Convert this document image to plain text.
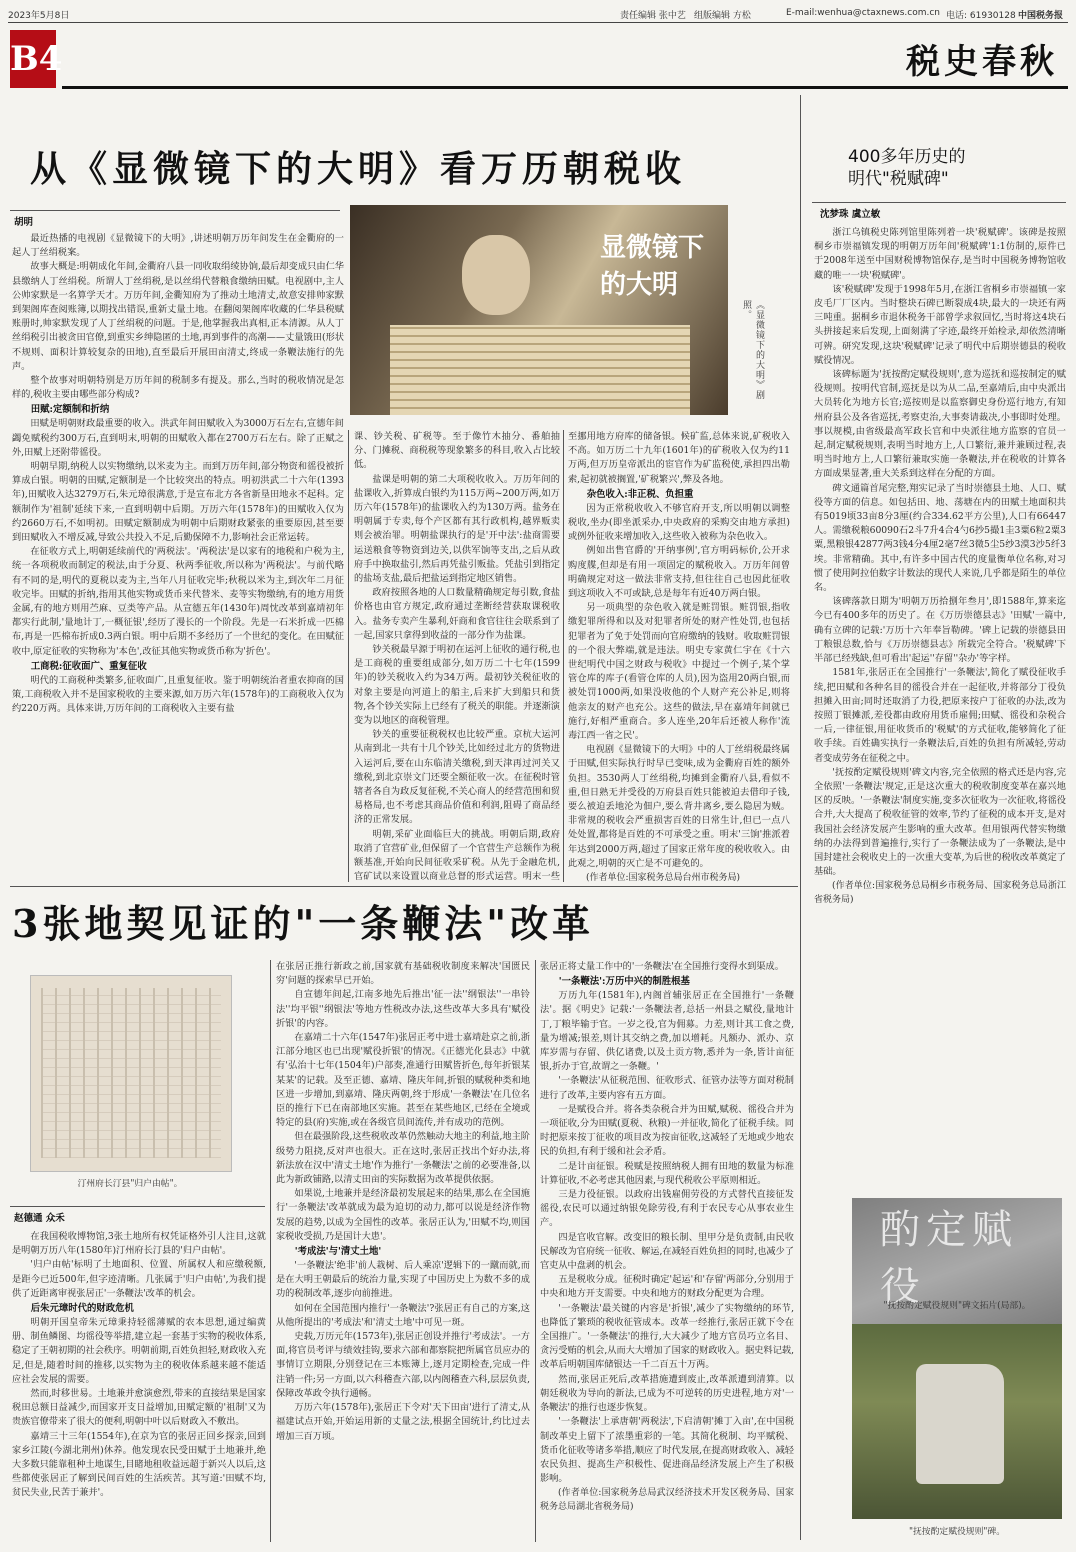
2023年5月8日	责任编辑 张中艺 组版编辑 方松	E-mail:wenhua@ctaxnews.com.cn 电话: 61930128 中国税务报
B4	税史春秋
从《显微镜下的大明》看万历朝税收
胡明
显微镜下的大明
《显微镜下的大明》剧照。

最近热播的电视剧《显微镜下的大明》,讲述明朝万历年间发生在金衢府的一起人丁丝绢税案。

故事大概是:明朝成化年间,金衢府八县一同收取绢绫协饷,最后却变成只由仁华县缴纳人丁丝绢税。所谓人丁丝绢税,是以丝绢代替粮食缴纳田赋。电视剧中,主人公帅家默是一名算学天才。万历年间,金衢知府为了推动土地清丈,故意安排帅家默到架阁库查阅账簿,以期找出错误,重新丈量土地。在翻阅架阁库收藏的仁华县税赋账册时,帅家默发现了人丁丝绢税的问题。于是,他掌握我出真相,正本清源。从人丁丝绢税引出被贪田官僚,到重实乡绅隐匿的土地,再到事件的高潮——丈量饿田(形状不规则、面积计算较复杂的田地),直至最后开展田亩清丈,终成一条鞭法施行的先声。

整个故事对明朝特别是万历年间的税制多有提及。那么,当时的税收情况是怎样的,税收主要由哪些部分构成?

田赋:定额制和折纳

田赋是明朝财政最重要的收入。洪武年间田赋收入为3000万石左右,宣德年间蠲免赋税约300万石,直到明末,明朝的田赋收入都在2700万石左右。除了正赋之外,田赋上还附带徭役。

明朝早期,纳税人以实物缴纳,以米麦为主。而到万历年间,部分物资和徭役被折算成白银。明朝的田赋,定额制是一个比较突出的特点。明初洪武二十六年(1393年),田赋收入达3279万石,朱元璋很满意,于是宣布北方各省新垦田地永不起科。定额制作为'祖制'延续下来,一直到明朝中后期。万历六年(1578年)的田赋收入仅为约2660万石,不如明初。田赋定额制成为明朝中后期财政紧张的重要原因,甚至要到田赋收入不增反减,导致公共投入不足,后勤保障不力,影响社会正常运转。

在征收方式上,明朝延续前代的'两税法'。'两税法'是以家有的地税和户税为主,统一各项税收而制定的税法,由于分夏、秋两季征收,所以称为'两税法'。与前代略有不同的是,明代的夏税以麦为主,当年八月征收完毕;秋税以米为主,到次年二月征收完毕。田赋的折纳,指用其他实物或货币来代替米、麦等实物缴纳,有的地方用货金属,有的地方则用苎麻、豆类等产品。从宣德五年(1430年)周忱改革到嘉靖初年都实行此制,'量地计丁,一概征银',经历了漫长的一个阶段。先是一石米折成一匹棉布,再是一匹棉布折成0.3两白银。明中后期不多经历了一个世纪的变化。在田赋征收中,原定征收的实物称为'本色',改征其他实物或货币称为'折色'。

工商税:征收面广、重复征收

明代的工商税种类繁多,征收面广,且重复征收。鉴于明朝统治者重农抑商的国策,工商税收入并不是国家税收的主要来源,如万历六年(1578年)的工商税收入仅为约220万两。具体来讲,万历年间的工商税收入主要有盐

课、钞关税、矿税等。至于像竹木抽分、番舶抽分、门摊税、商税税等现象繁多的科目,收入占比较低。

盐课是明朝的第二大项税收收入。万历年间的盐课收入,折算成白银约为115万两~200万两,如万历六年(1578年)的盐课收入约为130万两。盐务在明朝属于专卖,每个产区都有其行政机构,越界贩卖则会被治罪。明朝盐课执行的是'开中法':盐商需要运送粮食等物资到边关,以供军饷等支出,之后从政府手中换取盐引,然后再凭盐引贩盐。凭盐引到指定的盐场支盐,最后把盐运到指定地区销售。

政府按照各地的人口数量精确规定每引数,食盐价格也由官方规定,政府通过垄断经营获取课税收入。盐务专卖产生暴利,奸商和食官往往会联系到了一起,国家只拿得到收益的一部分作为盐课。

钞关税最早源于明初在运河上征收的通行税,也是工商税的重要组成部分,如万历二十七年(1599年)的钞关税收入约为34万两。最初钞关税征收的对象主要是向河道上的船主,后来扩大到船只和货物,各个钞关实际上已经有了税关的职能。并逐渐演变为以地区的商税管理。

钞关的重要征税税权也比较严重。京杭大运河从南到北一共有十几个钞关,比如经过北方的货物进入运河后,要在山东临清关缴税,到天津再过河关又缴税,到北京崇文门还要全额征收一次。在征税时管辖者各自为政反复征税,不关心商人的经营范围和贸易格局,也不考虑其商品价值和利润,阻碍了商品经济的正常发展。

明朝,采矿业面临巨大的挑战。明朝后期,政府取消了官营矿业,但保留了一个官营生产总额作为税额基准,开始向民间征收采矿税。从先于金融危机,官矿试以来设置以商业总督的形式运营。明末一些

至挪用地方府库的储备银。候矿监,总体来说,矿税收入不高。如万历二十九年(1601年)的矿税收入仅为约11万两,但万历皇帝派出的宦官作为矿监税使,承担四出勒索,起初就被搁置,'矿税繁兴',弊及各地。

杂色收入:非正税、负担重

因为正常税收收入不够官府开支,所以明朝以调整税收,坐办(即坐派采办,中央政府的采购交由地方承担)或例外征收来增加收入,这些收入被称为杂色收入。

例如出售官爵的'开纳事例',官方明码标价,公开求购度牒,但却是有用一项固定的赋税收入。万历年间曾明确规定对这一做法非常支持,但往往自己也因此征收到这项收入不可或缺,总是每年有近40万两白银。

另一项典型的杂色收入就是赃罚银。赃罚银,指收缴犯罪所得和以及对犯罪者所处的财产性处罚,也包括犯罪者为了免于处罚而向官府缴纳的钱财。收取赃罚银的一个很大弊端,就是违法。明史专家黄仁宇在《十六世纪明代中国之财政与税收》中提过一个例子,某个掌管仓库的库子(看管仓库的人员),因为盗用20两白银,而被处罚1000两,如果没收他的个人财产充公补足,则将他亲友的财产也充公。这些的做法,早在嘉靖年间就已施行,好相严重商合。多人连坐,20年后还被人称作'流毒江西一省之民'。

电视剧《显微镜下的大明》中的人丁丝绢税最终属于田赋,但实际执行时早已变味,成为金衢府百姓的额外负担。3530两人丁丝绢税,均摊到金衢府八县,看似不重,但日熟无并受役的万府县百姓只能被迫去借印子钱,要么被迫丢地沦为佃户,要么背井离乡,要么隐居为贼。非常规的税收会严重损害百姓的日常生计,但已一点八处处置,都将是百姓的不可承受之重。明末'三饷'推派着年达到2000万两,超过了国家正常年度的税收收入。由此观之,明朝的灭亡是不可避免的。

(作者单位:国家税务总局台州市税务局)

400多年历史的
明代"税赋碑"
沈梦珠 虞立敏

浙江乌镇税史陈列馆里陈列着一块'税赋碑'。该碑是按照桐乡市崇福镇发现的明朝万历年间'税赋碑'1:1仿制的,原件已于2008年送至中国财税博物馆保存,是当时中国税务博物馆收藏的唯一一块'税赋碑'。

该'税赋碑'发现于1998年5月,在浙江省桐乡市崇福镇一家皮毛厂厂区内。当时整块石碑已断裂成4块,最大的一块还有两三吨重。据桐乡市退休税务干部曾学求叙回忆,当时将这4块石头拼接起来后发现,上面刻满了字迹,最终开始检录,却依然清晰可辨。研究发现,这块'税赋碑'记录了明代中后期崇德县的税收赋役情况。

该碑标题为'抚按酌定赋役规则',意为巡抚和巡按制定的赋役规则。按明代官制,巡抚是以为从二品,至嘉靖后,由中央派出大员转化为地方长官;巡按则是以监察御史身份巡行地方,有知州府县公及各省巡抚,考察吏治,大事奏请裁决,小事即时处理。事以规模,由省级最高军政长官和中央派往地方监察的官员一起,制定赋税规则,表明当时地方上,人口繁衍,兼并兼顾过程,表明当时地方上,人口繁衍兼取实施一条鞭法,并在税收的计算各方面成果显著,重大关系到这样在分配的方面。

碑文通篇首尾完整,翔实记录了当时崇德县土地、人口、赋役等方面的信息。如包括田、地、荡塘在内的田赋土地面积共有5019顷33亩8分3厘(约合334.62平方公里),人口有66447人。需缴税粮60090石2斗7升4合4勺6抄5撮1圭3粟6粒2粟3粟,黑粮银42877两3钱4分4厘2毫7丝3微5尘5纱3漠3沙5纤3埃。非常精确。其中,有许多中国古代的度量衡单位名称,对习惯了使用阿拉伯数字计数法的现代人来说,几乎都是陌生的单位名。

该碑落款日期为'明朝万历拾捌年叁月',即1588年,算来迄今已有400多年的历史了。在《万历崇德县志》'田赋'一篇中,确有立碑的记载:'万历十六年奉旨勒碑。'碑上记载的崇德县田丁粮银总数,恰与《万历崇德县志》所载完全符合。'税赋碑'下半部已经残缺,但可看出'起运''存留''杂办'等字样。

1581年,张居正在全国推行'一条鞭法',简化了赋役征收手续,把田赋和各种名目的徭役合并在一起征收,并将部分丁役负担摊入田亩;同时还取消了力役,把原来按户丁征收的办法,改为按照丁银摊派,差役都由政府用货币雇佣;田赋、徭役和杂税合一后,一律征银,用征收货币的'税赋'的方式征收,能够简化了征收手续。百姓确实执行一条鞭法后,百姓的负担有所减轻,劳动者变成劳务在征税之中。

'抚按酌定赋役规则'碑文内容,完全依照的格式还是内容,完全依照'一条鞭法'规定,正是这次重大的税收制度变革在嘉兴地区的反映。'一条鞭法'制度实施,变多次征收为一次征收,将徭役合并,大大提高了税收征管的效率,节约了征税的成本开支,是对我国社会经济发展产生影响的重大改革。但用银两代替实物缴纳的办法得到普遍推行,实行了一条鞭法成为了一条鞭法,是中国封建社会税收史上的一次重大变革,为后世的税收改革奠定了基础。

(作者单位:国家税务总局桐乡市税务局、国家税务总局浙江省税务局)

酌定赋役
"抚按酌定赋役规则"碑文拓片(局部)。
"抚按酌定赋役规则"碑。
3张地契见证的"一条鞭法"改革
汀州府长汀县"归户由帖"。
赵德通 众禾

在我国税收博物馆,3张土地所有权凭证格外引人注目,这就是明朝万历八年(1580年)汀州府长汀县的'归户由帖'。

'归户由帖'标明了土地面积、位置、所属权人和应缴税额,是距今已近500年,但字迹清晰。几张属于'归户由帖',为我们提供了近距离审视张居正'一条鞭法'改革的机会。

后朱元璋时代的财政危机

明朝开国皇帝朱元璋秉持轻徭薄赋的农本思想,通过编黄册、制鱼鳞图、均徭役等举措,建立起一套基于实物的税收体系,稳定了王朝初期的社会秩序。明朝前期,百姓负担轻,财政收入充足,但是,随着时间的推移,以实物为主的税收体系越来越不能适应社会发展的需要。

然而,时移世易。土地兼并愈演愈烈,带来的直接结果是国家税田总额日益减少,而国家开支日益增加,田赋定额的'祖制'又为贵族官僚带来了很大的便利,明朝中叶以后财政入不敷出。

嘉靖三十三年(1554年),在京为官的张居正回乡探亲,回到家乡江陵(今湖北荆州)休养。他发现农民受田赋于土地兼并,绝大多数只能靠租种土地谋生,目睹地租收益远超于新兴人以后,这些都使张居正了解到民间百姓的生活疾苦。其写道:'田赋不均,贫民失业,民苦于兼并'。

在张居正推行新政之前,国家就有基础税收制度来解决'国匮民穷'问题的探索早已开始。

自宣德年间起,江南多地先后推出'征一法''纲银法''一串铃法''均平银''纲银法'等地方性税改办法,这些改革大多具有'赋役折银'的内容。

在嘉靖二十六年(1547年)张居正考中进士嘉靖赴京之前,浙江部分地区也已出现'赋役折银'的情况。《正德光化县志》中就有'弘治十七年(1504年)户部奏,准通行田赋皆折色,每年折银某某某'的记载。及至正德、嘉靖、隆庆年间,折银的赋税种类和地区进一步增加,到嘉靖、隆庆两朝,终于形成'一条鞭法'在几位名臣的推行下已在南部地区实施。甚至在某些地区,已经在全境或特定的县(府)实施,或在各级官员间流传,并有成功的范例。

但在最强阶段,这些税收改革仍然触动大地主的利益,地主阶级势力阻挠,反对声也很大。正在这时,张居正找出个好办法,将新法放在汉中'清丈土地'作为推行'一条鞭法'之前的必要准备,以此为新政铺路,以清丈田亩的实际数据为改革提供依据。

如果说,土地兼并是经济最初发展起来的结果,那么在全国施行'一条鞭法'改革就成为最为迫切的动力,都可以说是经济作物发展的趋势,以成为全国性的改革。张居正认为,'田赋不均,则国家税收受损,乃是国计大患'。

'考成法'与'清丈土地'

'一条鞭法'绝非'前人栽树、后人乘凉'逻辑下的一蹴而就,而是在大明王朝最后的统治力量,实现了中国历史上为数不多的成功的税制改革,逐步向前推进。

如何在全国范围内推行'一条鞭法'?张居正有自己的方案,这从他所提出的'考成法'和'清丈土地'中可见一斑。

史载,万历元年(1573年),张居正创设并推行'考成法'。一方面,将官员考评与绩效挂钩,要求六部和都察院把所属官员应办的事情订立期限,分别登记在三本账簿上,逐月定期检查,完成一件注销一件;另一方面,以六科稽查六部,以内阁稽查六科,层层负责,保障改革政令执行通畅。

万历六年(1578年),张居正下令对'天下田亩'进行了清丈,从福建试点开始,开始运用新的丈量之法,根据全国统计,约比过去增加三百万顷。

张居正将丈量工作中的'一条鞭法'在全国推行变得水到渠成。

'一条鞭法':万历中兴的制胜根基

万历九年(1581年),内阁首辅张居正在全国推行'一条鞭法'。据《明史》记载:'一条鞭法者,总括一州县之赋役,量地计丁,丁粮毕输于官。一岁之役,官为佣募。力差,则计其工食之费,量为增减;银差,则计其交纳之费,加以增耗。凡额办、派办、京库岁需与存留、供亿诸费,以及土贡方物,悉并为一条,皆计亩征银,折办于官,故谓之一条鞭。'

'一条鞭法'从征税范围、征收形式、征管办法等方面对税制进行了改革,主要内容有五方面。

一是赋役合并。将各类杂税合并为田赋,赋税、徭役合并为一项征收,分为田赋(夏税、秋粮)一并征收,简化了征税手续。同时把原来按丁征收的项目改为按亩征收,这减轻了无地或少地农民的负担,有利于缓和社会矛盾。

二是计亩征银。税赋是按照纳税人拥有田地的数量为标准计算征收,不必考虑其他因素,与现代税收公平原则相近。

三是力役征银。以政府出钱雇佣劳役的方式替代直接征发徭役,农民可以通过纳银免除劳役,有利于农民专心从事农业生产。

四是官收官解。改变旧的粮长制、里甲分是负责制,由民收民解改为官府统一征收、解运,在减轻百姓负担的同时,也减少了官吏从中盘剥的机会。

五是税收分成。征税时确定'起运'和'存留'两部分,分别用于中央和地方开支需要。中央和地方的财政分配更为合理。

'一条鞭法'最关键的内容是'折银',减少了实物缴纳的环节,也降低了繁琐的税收征管成本。改革一经推行,张居正就下令在全国推广。'一条鞭法'的推行,大大减少了地方官员巧立名目、贪污受贿的机会,从而大大增加了国家的财政收入。据史料记载,改革后明朝国库储银达一千二百五十万两。

然而,张居正死后,改革措施遭到废止,改革派遭到清算。以朝廷税收为导向的新法,已成为不可逆转的历史进程,地方对'一条鞭法'的推行也逐步恢复。

'一条鞭法'上承唐朝'两税法',下启清朝'摊丁入亩',在中国税制改革史上留下了浓墨重彩的一笔。其简化税制、均平赋税、货币化征收等诸多举措,顺应了时代发展,在提高财政收入、减轻农民负担、提高生产积极性、促进商品经济发展上产生了积极影响。

(作者单位:国家税务总局武汉经济技术开发区税务局、国家税务总局湖北省税务局)
